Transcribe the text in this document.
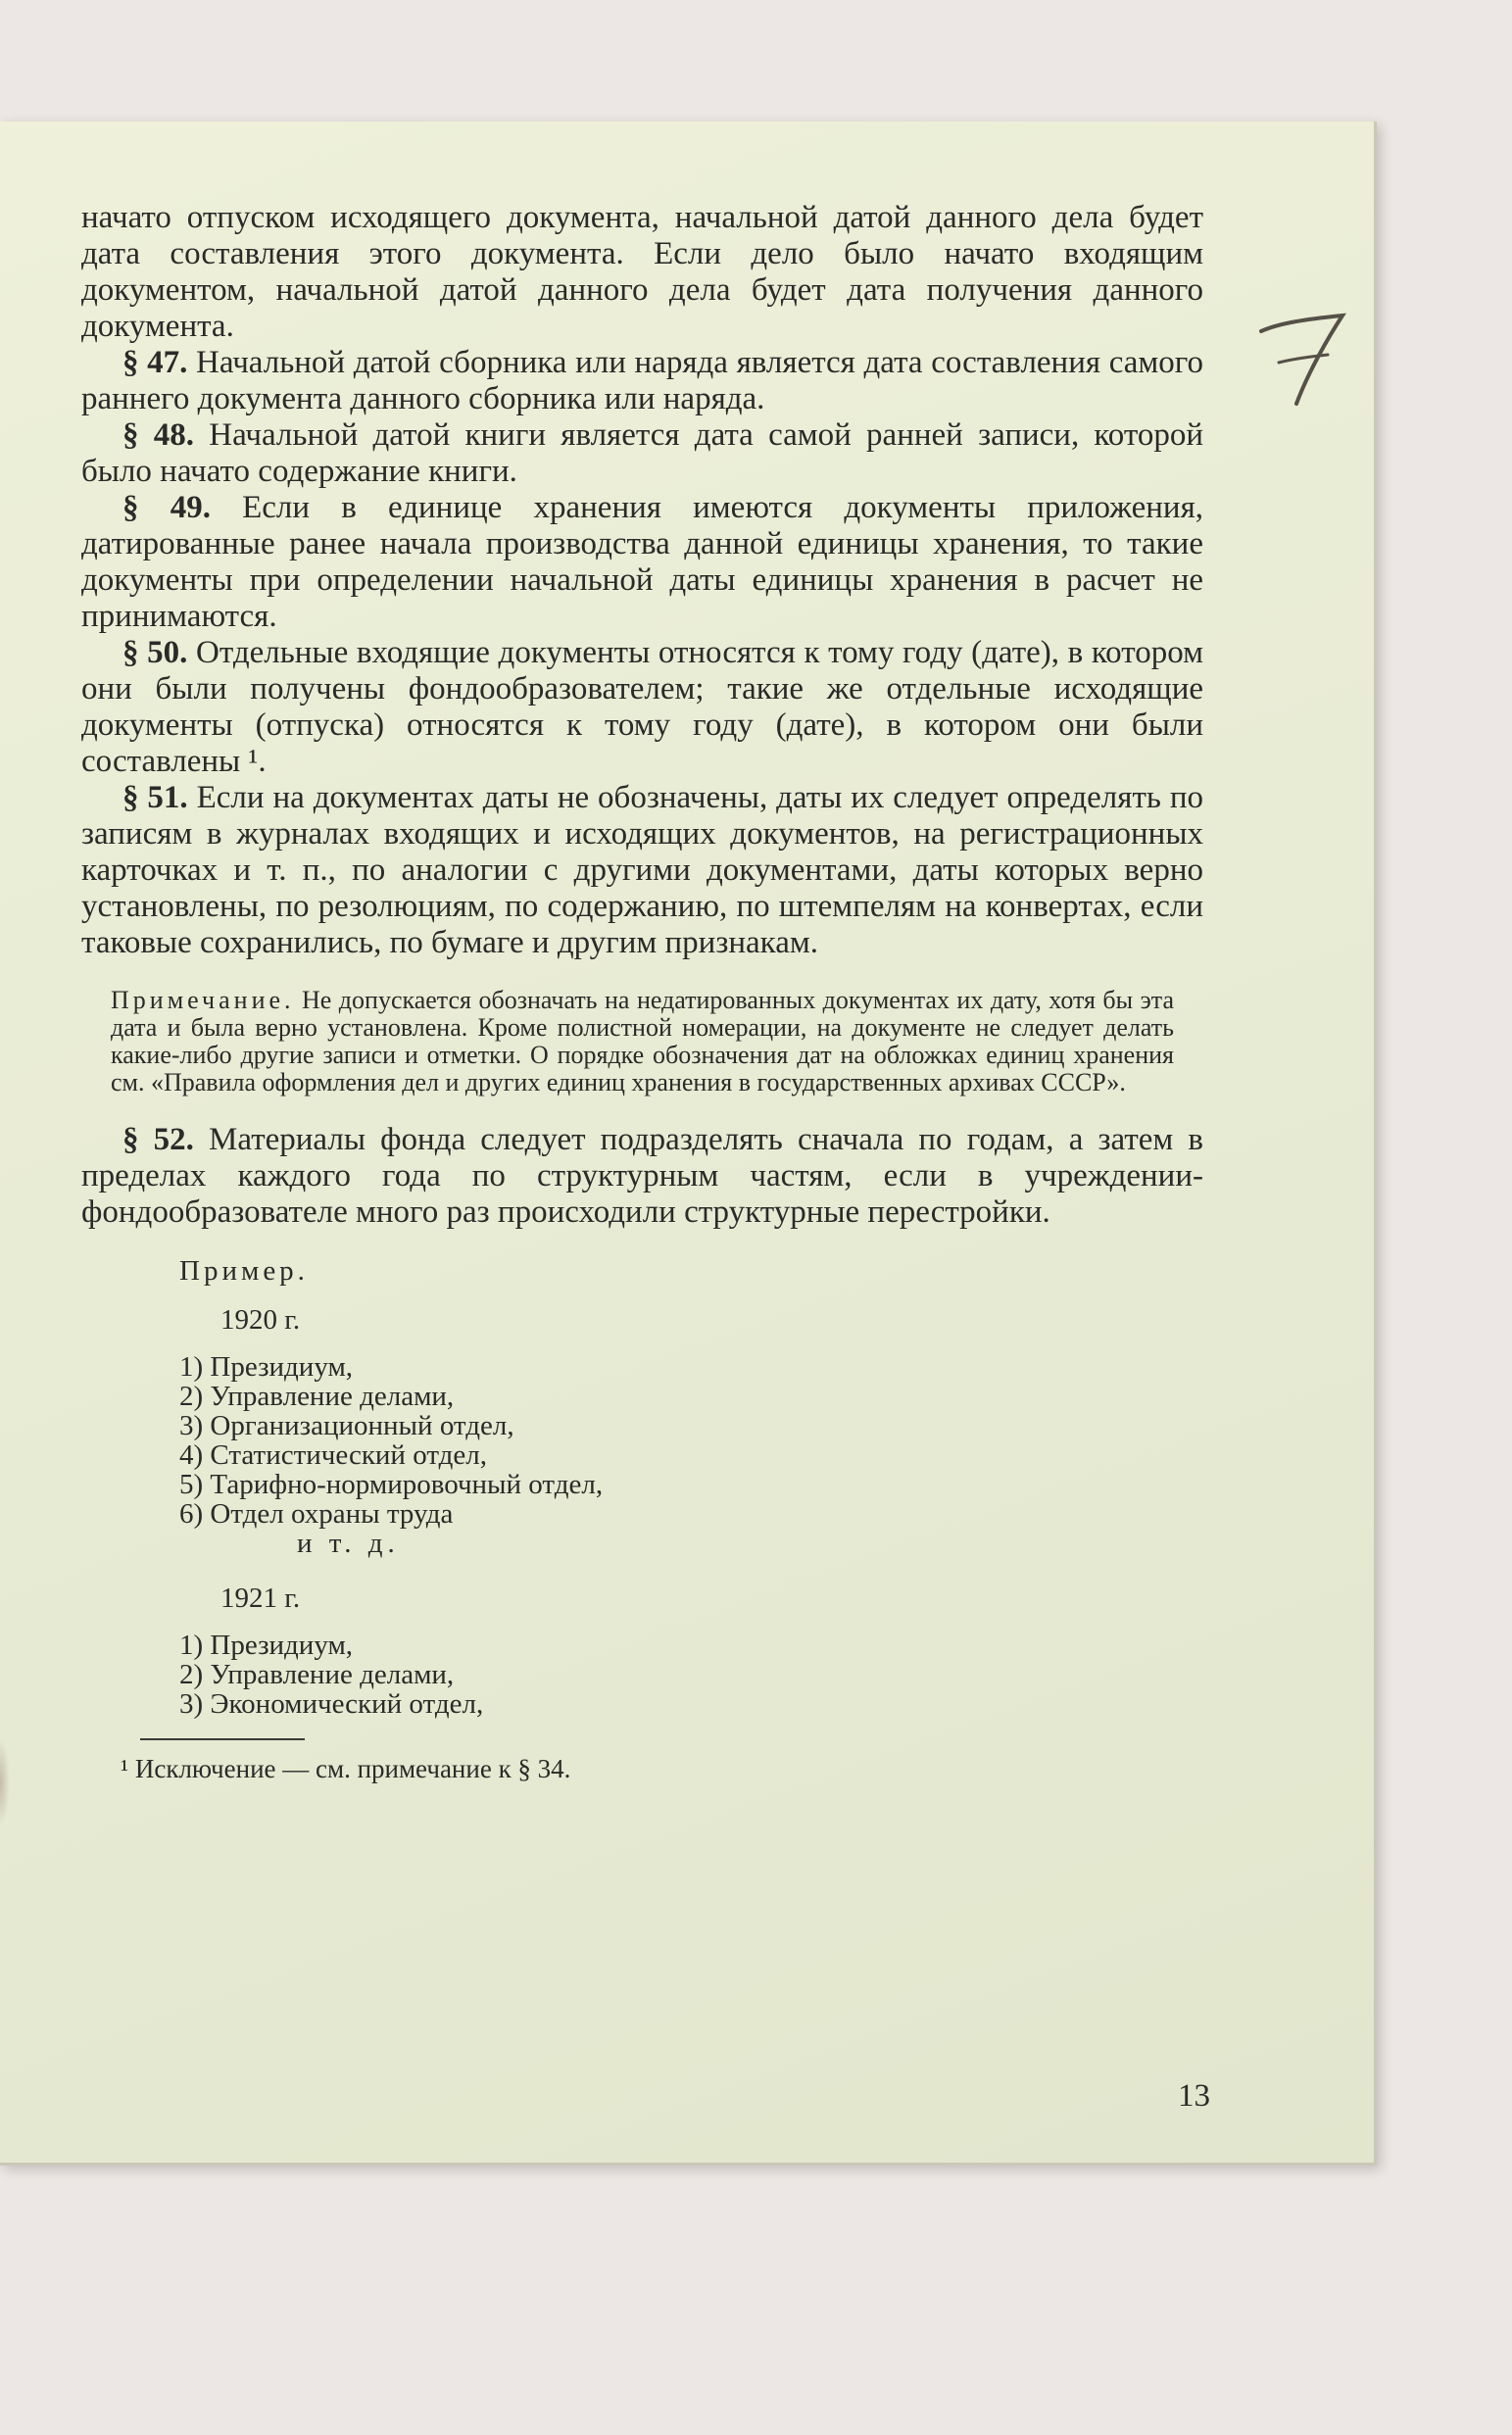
начато отпуском исходящего документа, начальной датой данного дела будет дата составления этого документа. Если дело было начато входящим документом, начальной датой данного дела будет дата получения данного документа.

§ 47. Начальной датой сборника или наряда является дата составления самого раннего документа данного сборника или наряда.

§ 48. Начальной датой книги является дата самой ранней записи, которой было начато содержание книги.

§ 49. Если в единице хранения имеются документы приложения, датированные ранее начала производства данной единицы хранения, то такие документы при определении начальной даты единицы хранения в расчет не принимаются.

§ 50. Отдельные входящие документы относятся к тому году (дате), в котором они были получены фондообразователем; такие же отдельные исходящие документы (отпуска) относятся к тому году (дате), в котором они были составлены ¹.

§ 51. Если на документах даты не обозначены, даты их следует определять по записям в журналах входящих и исходящих документов, на регистрационных карточках и т. п., по аналогии с другими документами, даты которых верно установлены, по резолюциям, по содержанию, по штемпелям на конвертах, если таковые сохранились, по бумаге и другим признакам.

Примечание. Не допускается обозначать на недатированных документах их дату, хотя бы эта дата и была верно установлена. Кроме полистной номерации, на документе не следует делать какие-либо другие записи и отметки. О порядке обозначения дат на обложках единиц хранения см. «Правила оформления дел и других единиц хранения в государственных архивах СССР».

§ 52. Материалы фонда следует подразделять сначала по годам, а затем в пределах каждого года по структурным частям, если в учреждении-фондообразователе много раз происходили структурные перестройки.

Пример.
1920 г.
1) Президиум,
2) Управление делами,
3) Организационный отдел,
4) Статистический отдел,
5) Тарифно-нормировочный отдел,
6) Отдел охраны труда
и т. д.
1921 г.
1) Президиум,
2) Управление делами,
3) Экономический отдел,
¹ Исключение — см. примечание к § 34.
13
